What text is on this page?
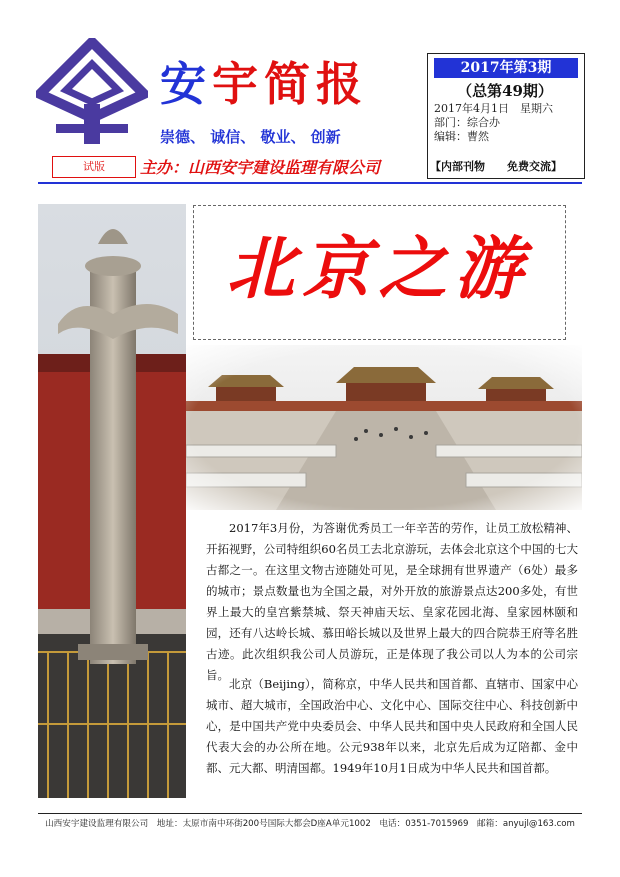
安宇简报
崇德、 诚信、 敬业、 创新
试版	主办：山西安宇建设监理有限公司
2017年第3期
（总第49期）
2017年4月1日　星期六
部门：综合办
编辑：曹然
【内部刊物　　免费交流】
北京之游
2017年3月份，为答谢优秀员工一年辛苦的劳作，让员工放松精神、开拓视野，公司特组织60名员工去北京游玩，去体会北京这个中国的七大古都之一。在这里文物古迹随处可见，是全球拥有世界遗产（6处）最多的城市；景点数量也为全国之最，对外开放的旅游景点达200多处，有世界上最大的皇宫紫禁城、祭天神庙天坛、皇家花园北海、皇家园林颐和园，还有八达岭长城、慕田峪长城以及世界上最大的四合院恭王府等名胜古迹。此次组织我公司人员游玩，正是体现了我公司以人为本的公司宗旨。
北京（Beijing），简称京，中华人民共和国首都、直辖市、国家中心城市、超大城市，全国政治中心、文化中心、国际交往中心、科技创新中心，是中国共产党中央委员会、中华人民共和国中央人民政府和全国人民代表大会的办公所在地。公元938年以来，北京先后成为辽陪都、金中都、元大都、明清国都。1949年10月1日成为中华人民共和国首都。
山西安宇建设监理有限公司　地址：太原市南中环街200号国际大都会D座A单元1002　电话：0351-7015969　邮箱：anyujl@163.com
